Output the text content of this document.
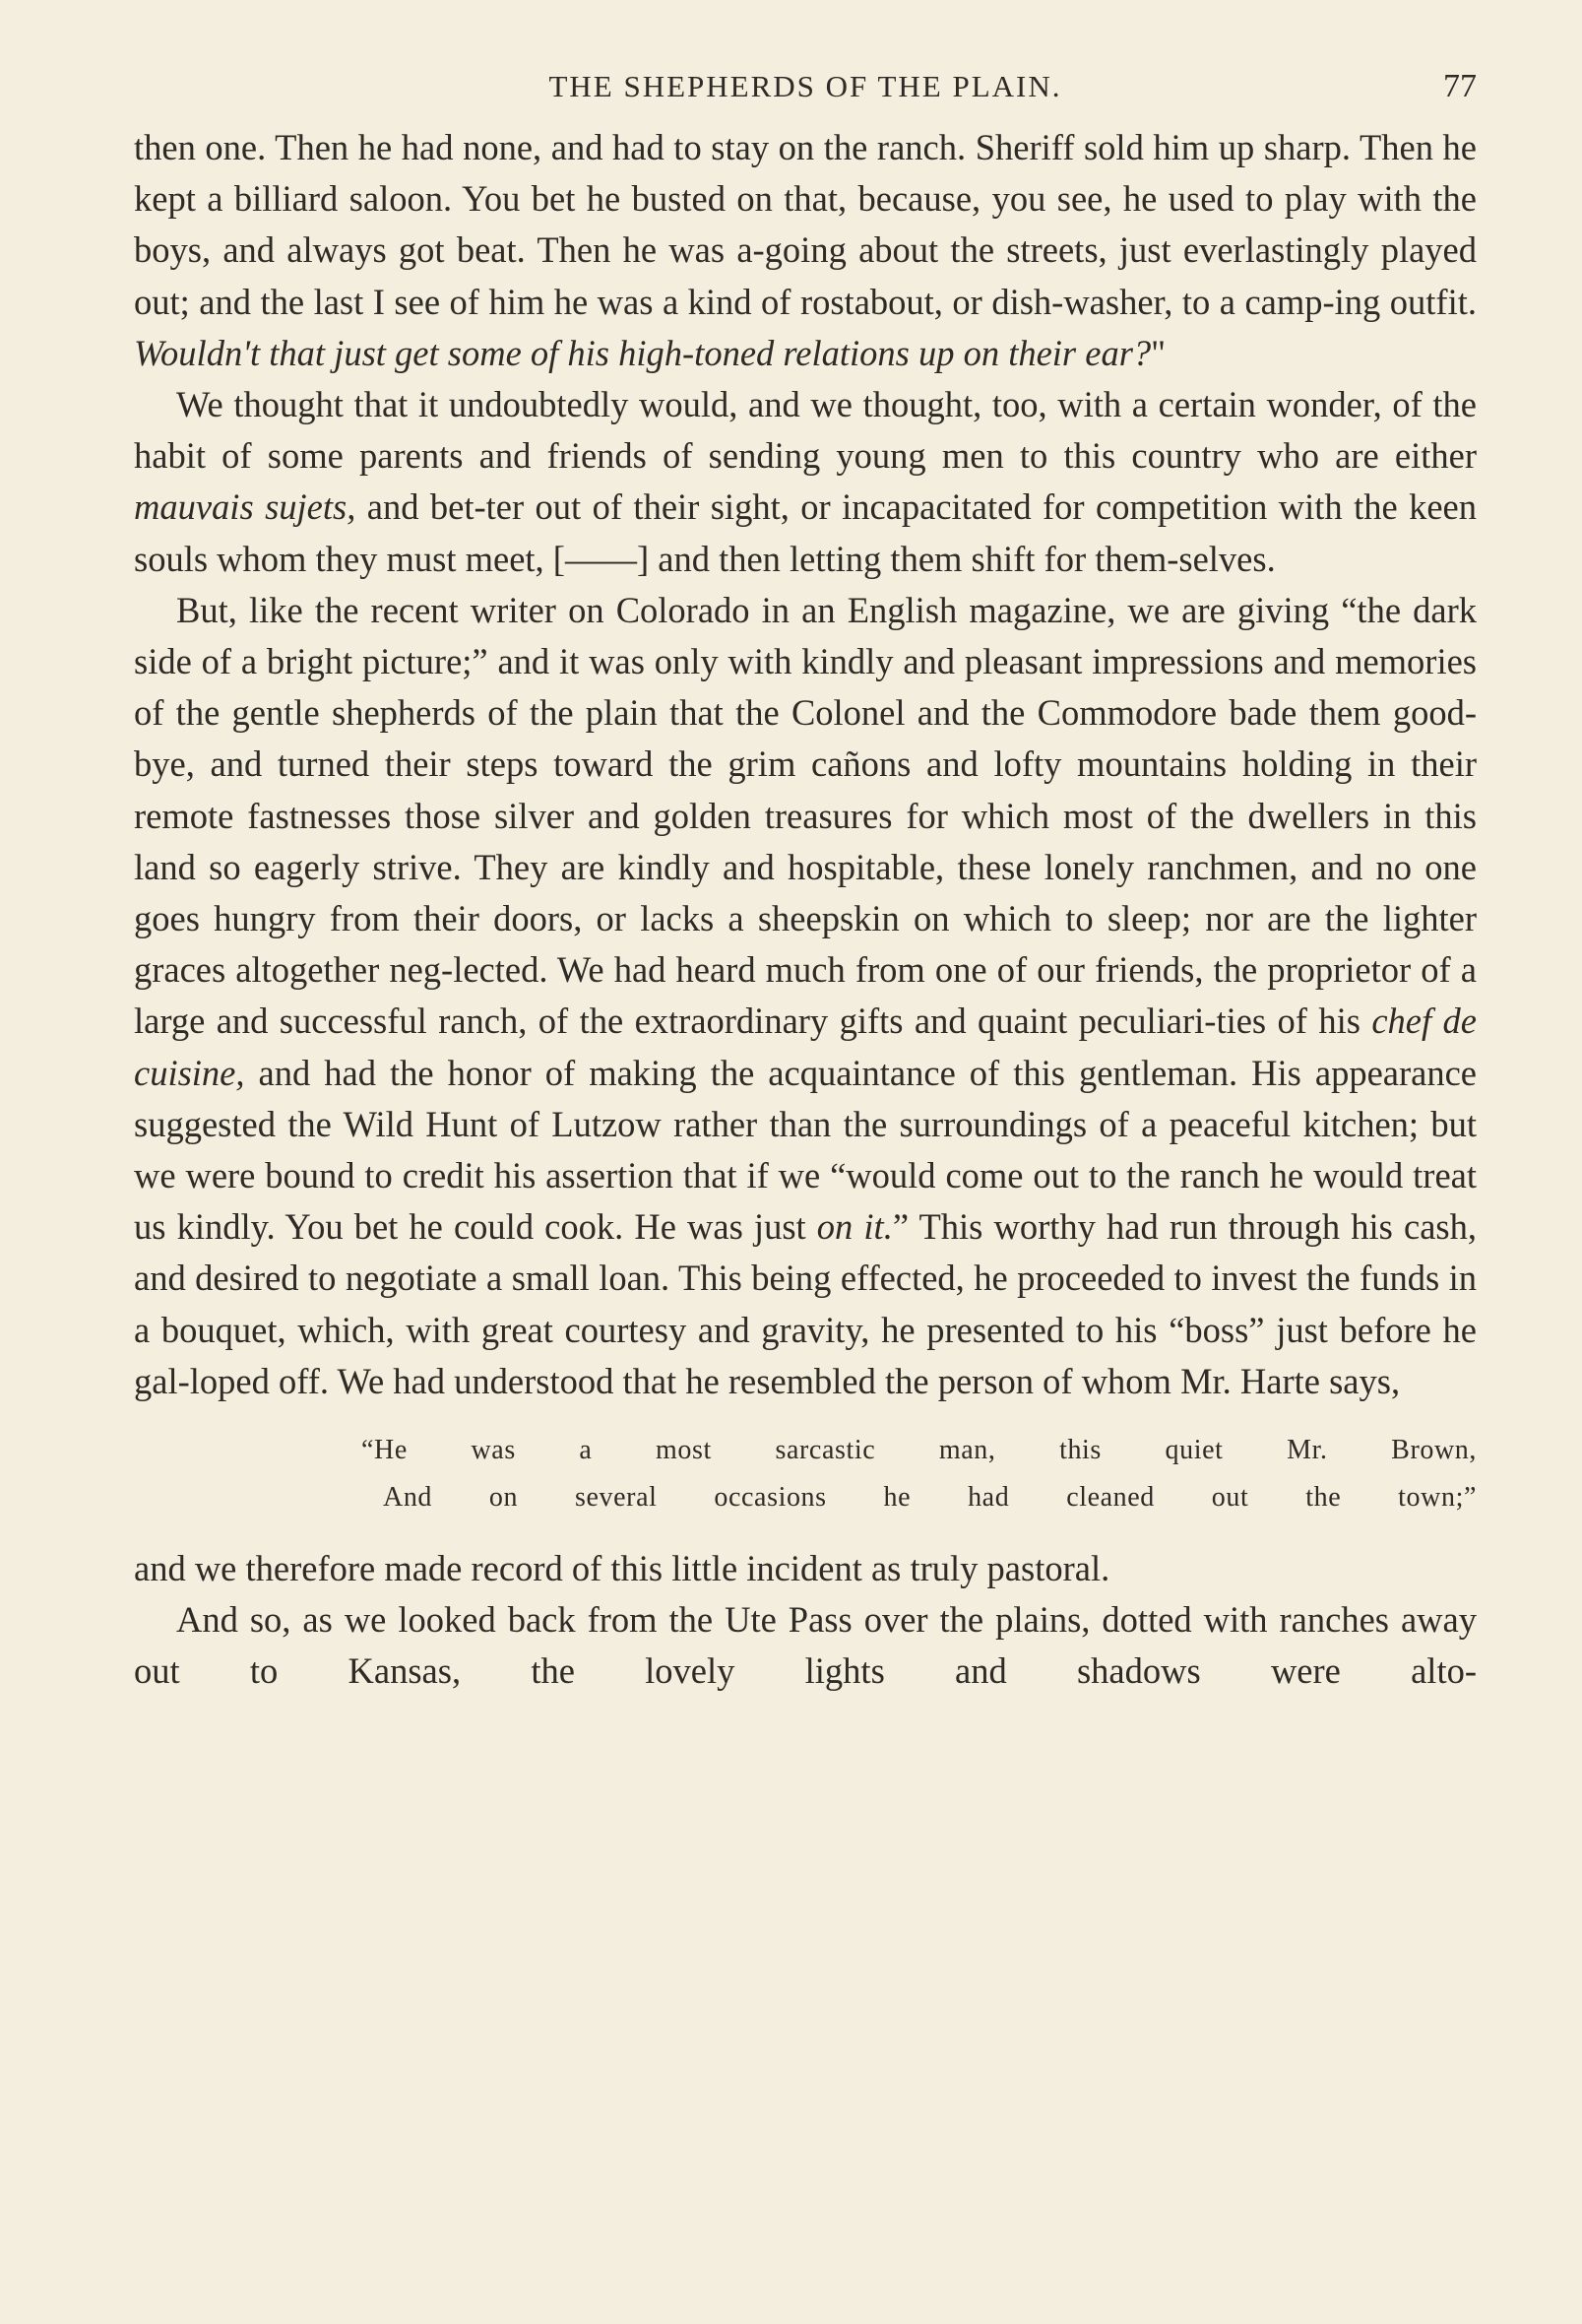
THE SHEPHERDS OF THE PLAIN.	77

then one. Then he had none, and had to stay on the ranch. Sheriff sold him up sharp. Then he kept a billiard saloon. You bet he busted on that, because, you see, he used to play with the boys, and always got beat. Then he was a-going about the streets, just everlastingly played out; and the last I see of him he was a kind of rostabout, or dish-washer, to a camp-ing outfit. Wouldn't that just get some of his high-toned relations up on their ear?"

We thought that it undoubtedly would, and we thought, too, with a certain wonder, of the habit of some parents and friends of sending young men to this country who are either mauvais sujets, and bet-ter out of their sight, or incapacitated for competition with the keen souls whom they must meet, [——] and then letting them shift for them-selves.

But, like the recent writer on Colorado in an English magazine, we are giving “the dark side of a bright picture;” and it was only with kindly and pleasant impressions and memories of the gentle shepherds of the plain that the Colonel and the Commodore bade them good-bye, and turned their steps toward the grim cañons and lofty mountains holding in their remote fastnesses those silver and golden treasures for which most of the dwellers in this land so eagerly strive. They are kindly and hospitable, these lonely ranchmen, and no one goes hungry from their doors, or lacks a sheepskin on which to sleep; nor are the lighter graces altogether neg-lected. We had heard much from one of our friends, the proprietor of a large and successful ranch, of the extraordinary gifts and quaint peculiari-ties of his chef de cuisine, and had the honor of making the acquaintance of this gentleman. His appearance suggested the Wild Hunt of Lutzow rather than the surroundings of a peaceful kitchen; but we were bound to credit his assertion that if we “would come out to the ranch he would treat us kindly. You bet he could cook. He was just on it.” This worthy had run through his cash, and desired to negotiate a small loan. This being effected, he proceeded to invest the funds in a bouquet, which, with great courtesy and gravity, he presented to his “boss” just before he gal-loped off. We had understood that he resembled the person of whom Mr. Harte says,

“He was a most sarcastic man, this quiet Mr. Brown,
And on several occasions he had cleaned out the town;”

and we therefore made record of this little incident as truly pastoral.

And so, as we looked back from the Ute Pass over the plains, dotted with ranches away out to Kansas, the lovely lights and shadows were alto-
